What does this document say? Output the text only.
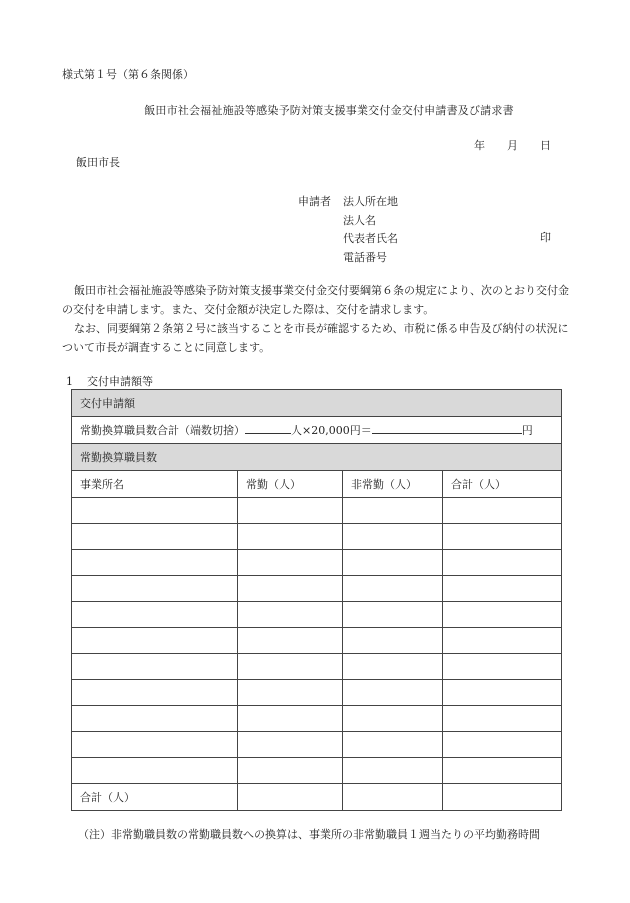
様式第１号（第６条関係）
飯田市社会福祉施設等感染予防対策支援事業交付金交付申請書及び請求書
年 月 日
飯田市長
申請者 法人所在地
法人名
代表者氏名
電話番号
印
飯田市社会福祉施設等感染予防対策支援事業交付金交付要綱第６条の規定により、次のとおり交付金の交付を申請します。また、交付金額が決定した際は、交付を請求します。
なお、同要綱第２条第２号に該当することを市長が確認するため、市税に係る申告及び納付の状況について市長が調査することに同意します。
1 交付申請額等
交付申請額			
常勤換算職員数合計（端数切捨） 人×20,000円＝ 円			
常勤換算職員数			
事業所名	常勤（人）	非常勤（人）	合計（人）

合計（人）			
（注）非常勤職員数の常勤職員数への換算は、事業所の非常勤職員１週当たりの平均勤務時間
